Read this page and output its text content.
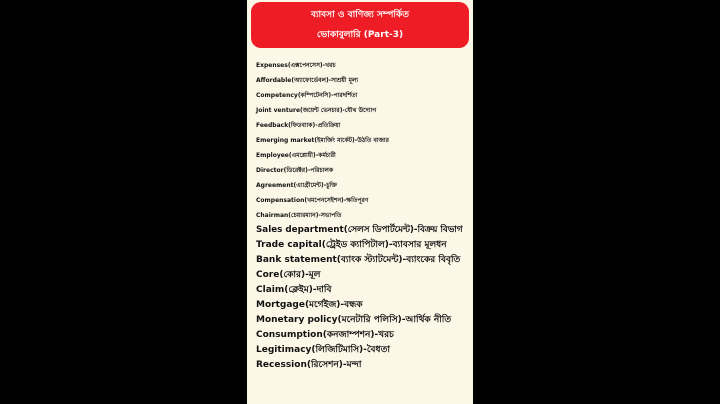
ব্যাবসা ও বাণিজ্য সম্পর্কিত
ভোকাবুলারি (Part-3)
Expenses(এক্সপেনসেস)-খরচ
Affordable(অ্যাফোর্ডেবল)-সাশ্রয়ী মূল্য
Competency(কম্পিটেনসি)-পারদর্শিতা
Joint venture(জয়েন্ট ভেনচার)-যৌথ উদ্যোগ
Feedback(ফিডব্যাক)-প্রতিক্রিয়া
Emerging market(ইমার্জিং মার্কেট)-উঠতি বাজার
Employee(এমপ্লোয়ী)-কর্মচারী
Director(ডিরেক্টর)-পরিচালক
Agreement(এ্যাগ্রীমেন্ট)-চুক্তি
Compensation(খমপেনসেইশন)-ক্ষতিপূরণ
Chairman(চেয়ারম্যান)-সভাপতি
Sales department(সেলস ডিপার্টমেন্ট)-বিক্রয় বিভাগ
Trade capital(ট্রেইড ক্যাপিটাল)-ব্যাবসার মূলধন
Bank statement(ব্যাংক স্ট্যাটমেন্ট)-ব্যাংকের বিবৃতি
Core(কোর)-মূল
Claim(ক্লেইম)-দাবি
Mortgage(মর্গেইজ)-বন্ধক
Monetary policy(মনেটারি পলিসি)-আর্থিক নীতি
Consumption(কনজাম্পশন)-খরচ
Legitimacy(লিজিটিমাসি)-বৈধতা
Recession(রিসেশন)-মন্দা
